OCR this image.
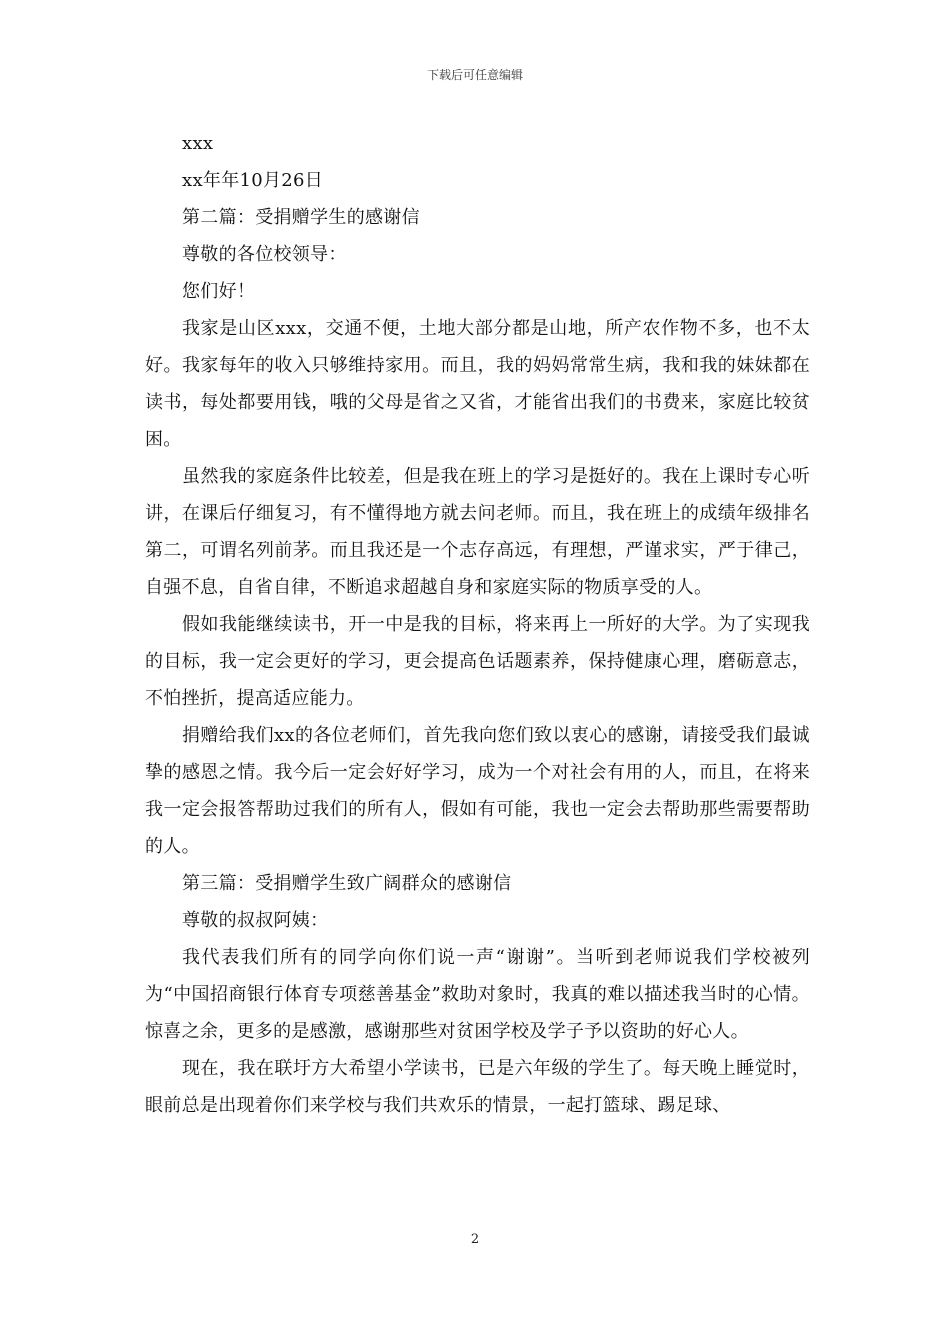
下载后可任意编辑

xxx

xx年年10月26日

第二篇：受捐赠学生的感谢信

尊敬的各位校领导：

您们好！

我家是山区xxx，交通不便，土地大部分都是山地，所产农作物不多，也不太好。我家每年的收入只够维持家用。而且，我的妈妈常常生病，我和我的妹妹都在读书，每处都要用钱，哦的父母是省之又省，才能省出我们的书费来，家庭比较贫困。

虽然我的家庭条件比较差，但是我在班上的学习是挺好的。我在上课时专心听讲，在课后仔细复习，有不懂得地方就去问老师。而且，我在班上的成绩年级排名第二，可谓名列前茅。而且我还是一个志存高远，有理想，严谨求实，严于律己，自强不息，自省自律，不断追求超越自身和家庭实际的物质享受的人。

假如我能继续读书，开一中是我的目标，将来再上一所好的大学。为了实现我的目标，我一定会更好的学习，更会提高色话题素养，保持健康心理，磨砺意志，不怕挫折，提高适应能力。

捐赠给我们xx的各位老师们，首先我向您们致以衷心的感谢，请接受我们最诚挚的感恩之情。我今后一定会好好学习，成为一个对社会有用的人，而且，在将来我一定会报答帮助过我们的所有人，假如有可能，我也一定会去帮助那些需要帮助的人。

第三篇：受捐赠学生致广阔群众的感谢信

尊敬的叔叔阿姨：

我代表我们所有的同学向你们说一声“谢谢”。当听到老师说我们学校被列为“中国招商银行体育专项慈善基金”救助对象时，我真的难以描述我当时的心情。惊喜之余，更多的是感激，感谢那些对贫困学校及学子予以资助的好心人。

现在，我在联圩方大希望小学读书，已是六年级的学生了。每天晚上睡觉时，眼前总是出现着你们来学校与我们共欢乐的情景，一起打篮球、踢足球、

2
